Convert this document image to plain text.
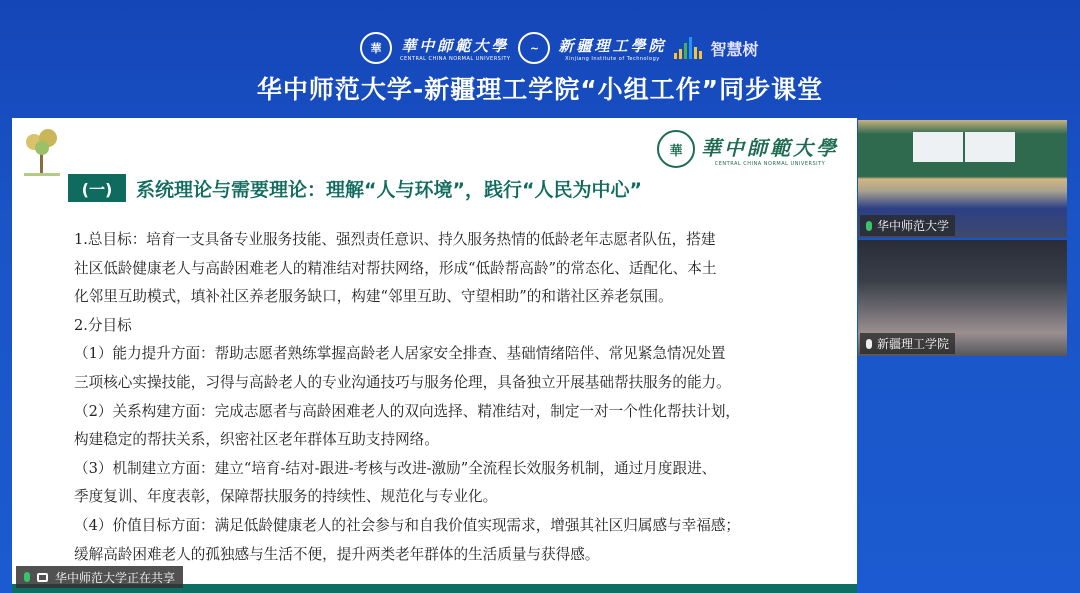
華	華中師範大學
CENTRAL CHINA NORMAL UNIVERSITY
~	新疆理工學院
Xinjiang Institute of Technology	智慧树
华中师范大学-新疆理工学院“小组工作”同步课堂
華 華中師範大學
CENTRAL CHINA NORMAL UNIVERSITY
(一)	系统理论与需要理论：理解“人与环境”，践行“人民为中心”
1.总目标：培育一支具备专业服务技能、强烈责任意识、持久服务热情的低龄老年志愿者队伍，搭建
社区低龄健康老人与高龄困难老人的精准结对帮扶网络，形成“低龄帮高龄”的常态化、适配化、本土
化邻里互助模式，填补社区养老服务缺口，构建“邻里互助、守望相助”的和谐社区养老氛围。
2.分目标
（1）能力提升方面：帮助志愿者熟练掌握高龄老人居家安全排查、基础情绪陪伴、常见紧急情况处置
三项核心实操技能，习得与高龄老人的专业沟通技巧与服务伦理，具备独立开展基础帮扶服务的能力。
（2）关系构建方面：完成志愿者与高龄困难老人的双向选择、精准结对，制定一对一个性化帮扶计划，
构建稳定的帮扶关系，织密社区老年群体互助支持网络。
（3）机制建立方面：建立“培育-结对-跟进-考核与改进-激励”全流程长效服务机制，通过月度跟进、
季度复训、年度表彰，保障帮扶服务的持续性、规范化与专业化。
（4）价值目标方面：满足低龄健康老人的社会参与和自我价值实现需求，增强其社区归属感与幸福感；
缓解高龄困难老人的孤独感与生活不便，提升两类老年群体的生活质量与获得感。
华中师范大学
新疆理工学院
华中师范大学正在共享
